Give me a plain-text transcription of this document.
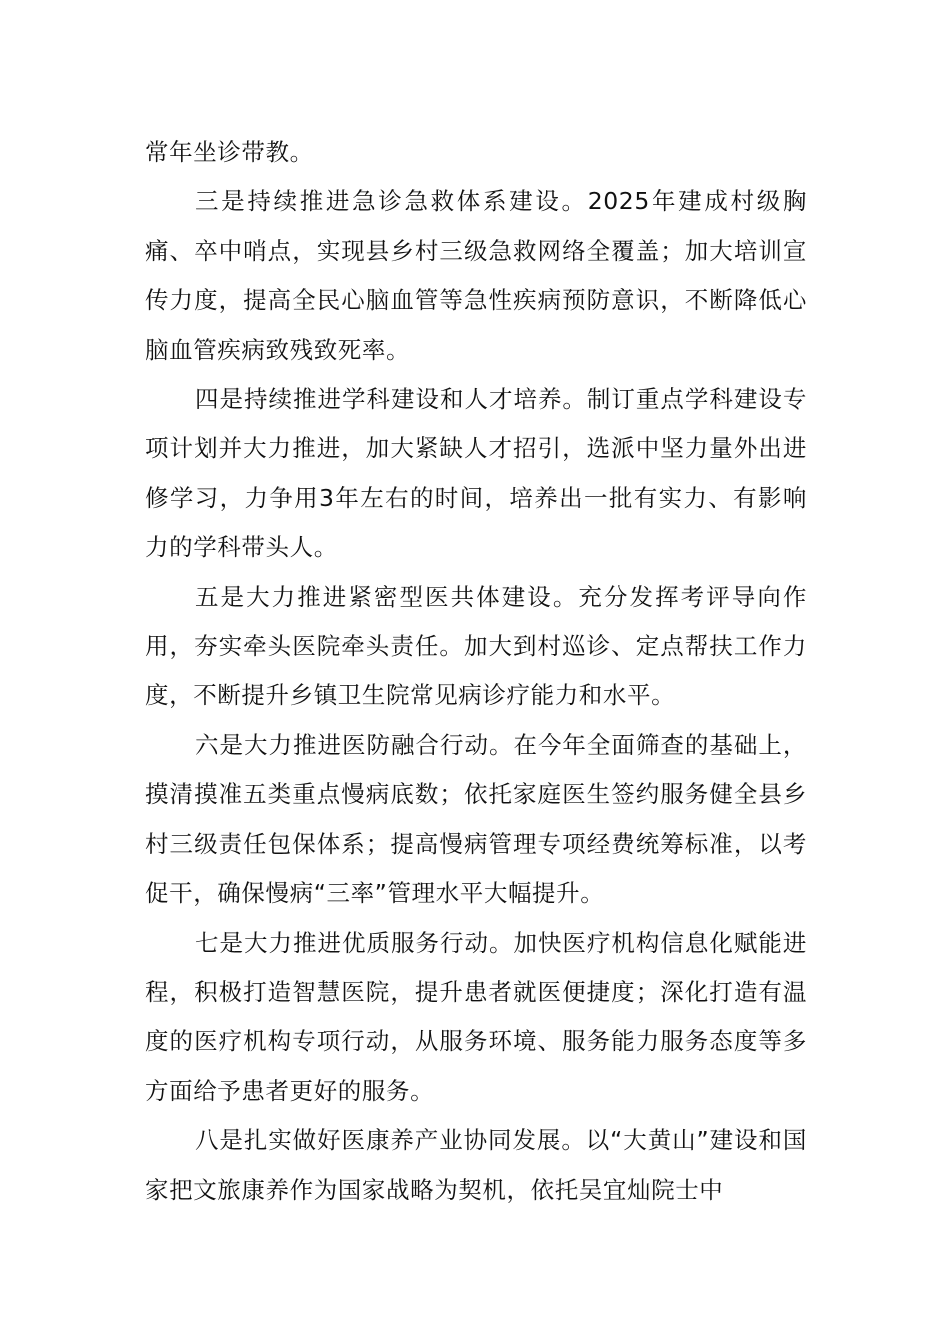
常年坐诊带教。

三是持续推进急诊急救体系建设。2025年建成村级胸痛、卒中哨点，实现县乡村三级急救网络全覆盖；加大培训宣传力度，提高全民心脑血管等急性疾病预防意识，不断降低心脑血管疾病致残致死率。

四是持续推进学科建设和人才培养。制订重点学科建设专项计划并大力推进，加大紧缺人才招引，选派中坚力量外出进修学习，力争用3年左右的时间，培养出一批有实力、有影响力的学科带头人。

五是大力推进紧密型医共体建设。充分发挥考评导向作用，夯实牵头医院牵头责任。加大到村巡诊、定点帮扶工作力度，不断提升乡镇卫生院常见病诊疗能力和水平。

六是大力推进医防融合行动。在今年全面筛查的基础上，摸清摸准五类重点慢病底数；依托家庭医生签约服务健全县乡村三级责任包保体系；提高慢病管理专项经费统筹标准，以考促干，确保慢病“三率”管理水平大幅提升。

七是大力推进优质服务行动。加快医疗机构信息化赋能进程，积极打造智慧医院，提升患者就医便捷度；深化打造有温度的医疗机构专项行动，从服务环境、服务能力服务态度等多方面给予患者更好的服务。

八是扎实做好医康养产业协同发展。以“大黄山”建设和国家把文旅康养作为国家战略为契机，依托吴宜灿院士中
